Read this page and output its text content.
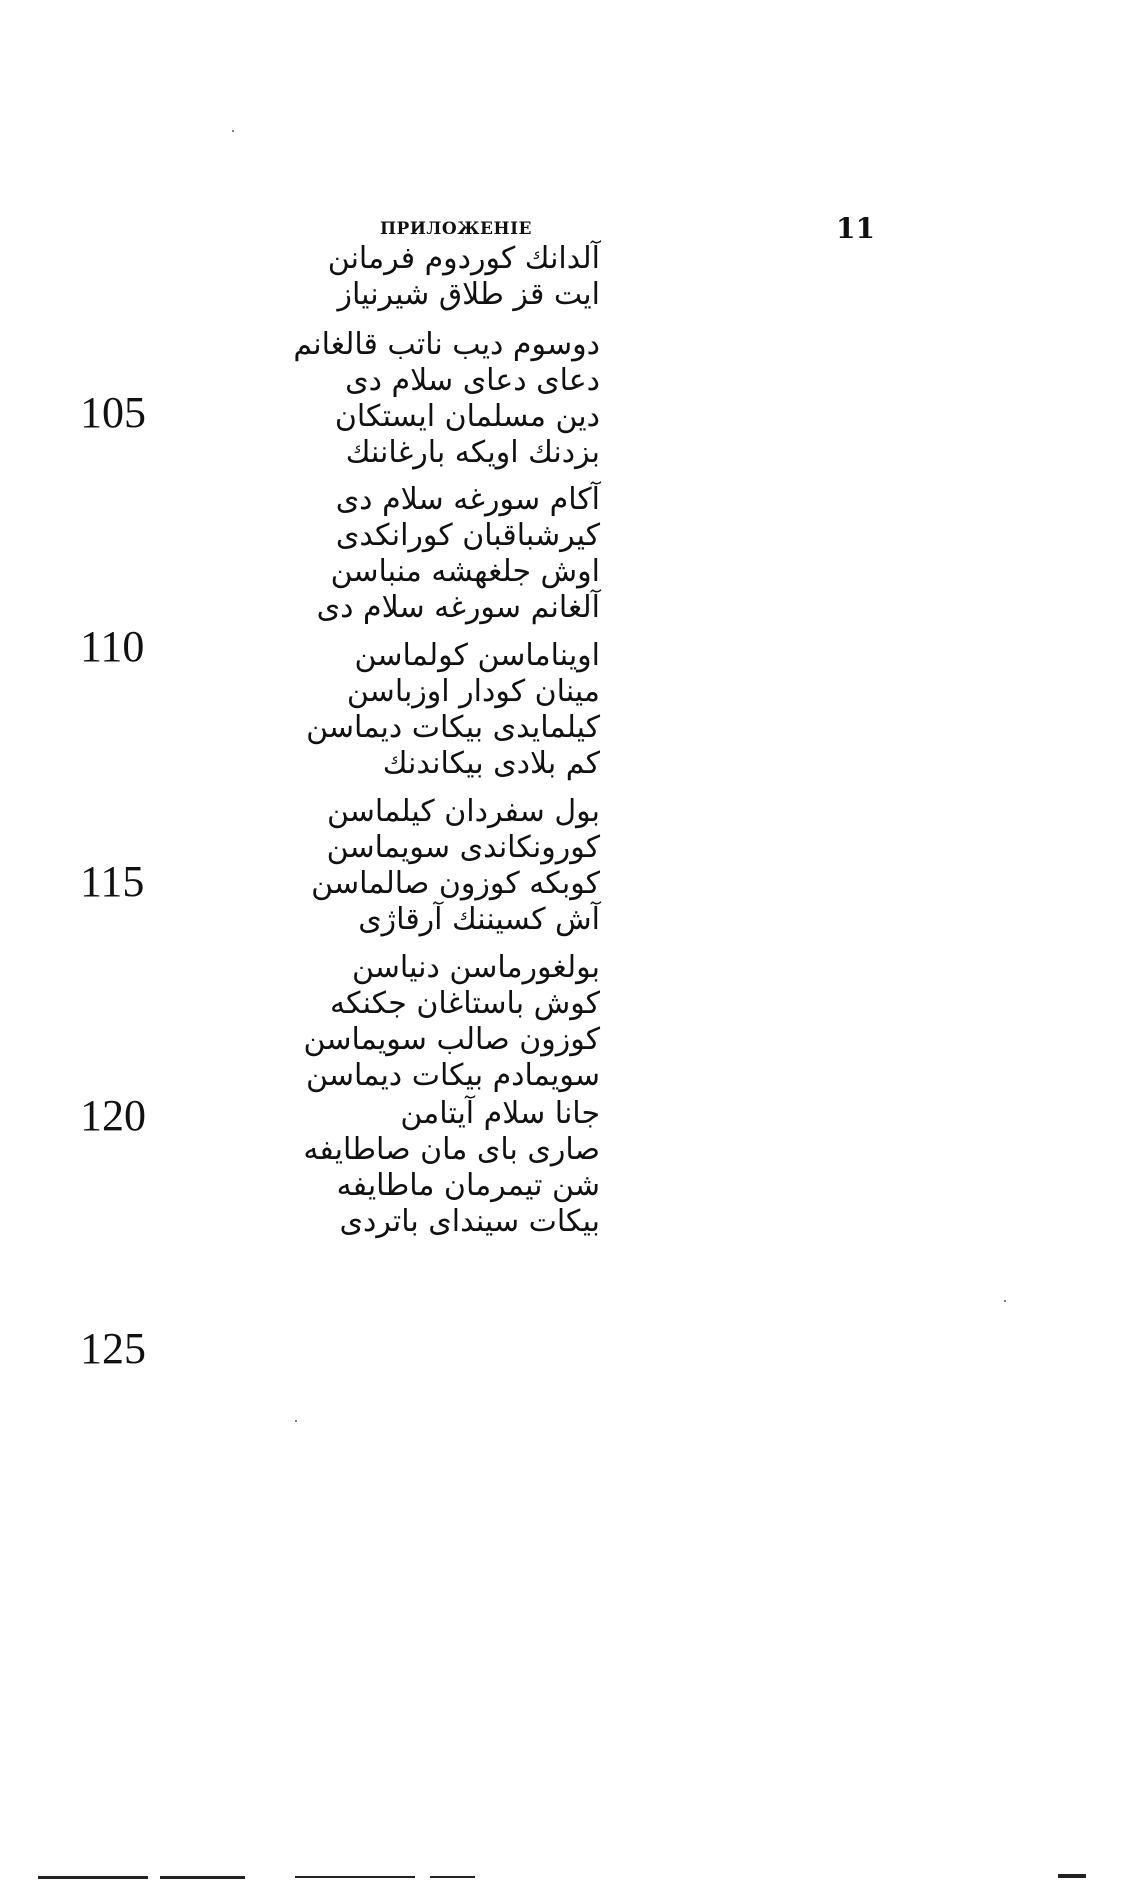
ПРИЛОЖЕНІЕ	11
آلدانك كوردوم فرمانن
ايت قز طلاق شيرنياز
دوسوم ديب ناتب قالغانم
دعاى دعاى سلام دى
دين مسلمان ايستكان
بزدنك اويكه بارغاننك
آكام سورغه سلام دى
كيرشباقبان كورانكدى
اوش جلغهشه منباسن
آلغانم سورغه سلام دى
اويناماسن كولماسن
مينان كودار اوزباسن
كيلمايدى بيكات ديماسن
كم بلادى بيكاندنك
بول سفردان كيلماسن
كورونكاندى سويماسن
كوبكه كوزون صالماسن
آش كسيننك آرقاژى
بولغورماسن دنياسن
كوش باستاغان جكنكه
كوزون صالب سويماسن
سويمادم بيكات ديماسن
جانا سلام آيتامن
صارى باى مان صاطايفه
شن تيمرمان ماطايفه
بيكات سينداى باتردى
105
110
115
120
125
